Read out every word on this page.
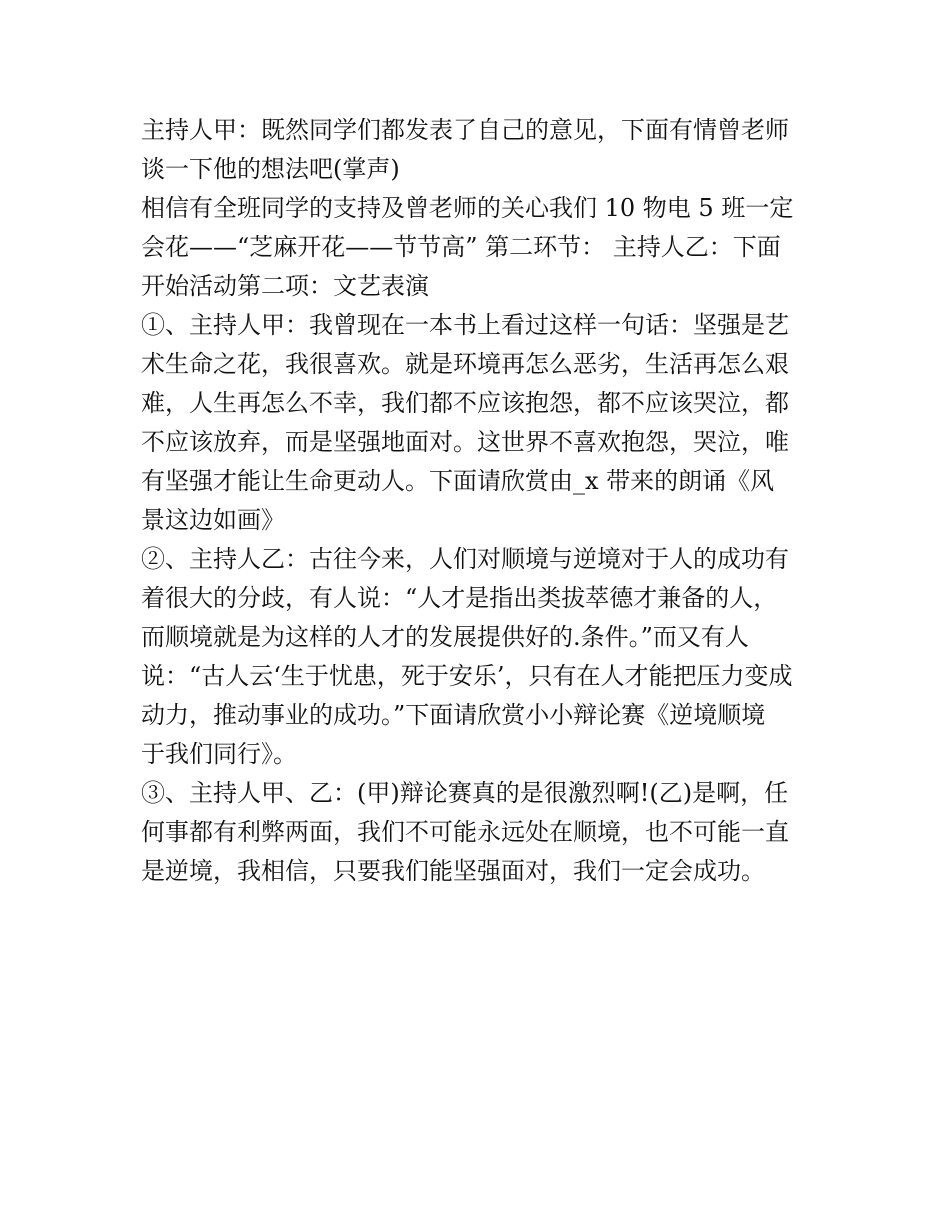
主持人甲：既然同学们都发表了自己的意见，下面有情曾老师
谈一下他的想法吧(掌声)
相信有全班同学的支持及曾老师的关心我们 10 物电 5 班一定
会花——“芝麻开花——节节高” 第二环节： 主持人乙：下面
开始活动第二项：文艺表演
①、主持人甲：我曾现在一本书上看过这样一句话：坚强是艺
术生命之花，我很喜欢。就是环境再怎么恶劣，生活再怎么艰
难，人生再怎么不幸，我们都不应该抱怨，都不应该哭泣，都
不应该放弃，而是坚强地面对。这世界不喜欢抱怨，哭泣，唯
有坚强才能让生命更动人。下面请欣赏由_x 带来的朗诵《风
景这边如画》
②、主持人乙：古往今来，人们对顺境与逆境对于人的成功有
着很大的分歧，有人说：“人才是指出类拔萃德才兼备的人，
而顺境就是为这样的人才的发展提供好的.条件。”而又有人
说：“古人云‘生于忧患，死于安乐’，只有在人才能把压力变成
动力，推动事业的成功。”下面请欣赏小小辩论赛《逆境顺境
于我们同行》。
③、主持人甲、乙：(甲)辩论赛真的是很激烈啊!(乙)是啊，任
何事都有利弊两面，我们不可能永远处在顺境，也不可能一直
是逆境，我相信，只要我们能坚强面对，我们一定会成功。
